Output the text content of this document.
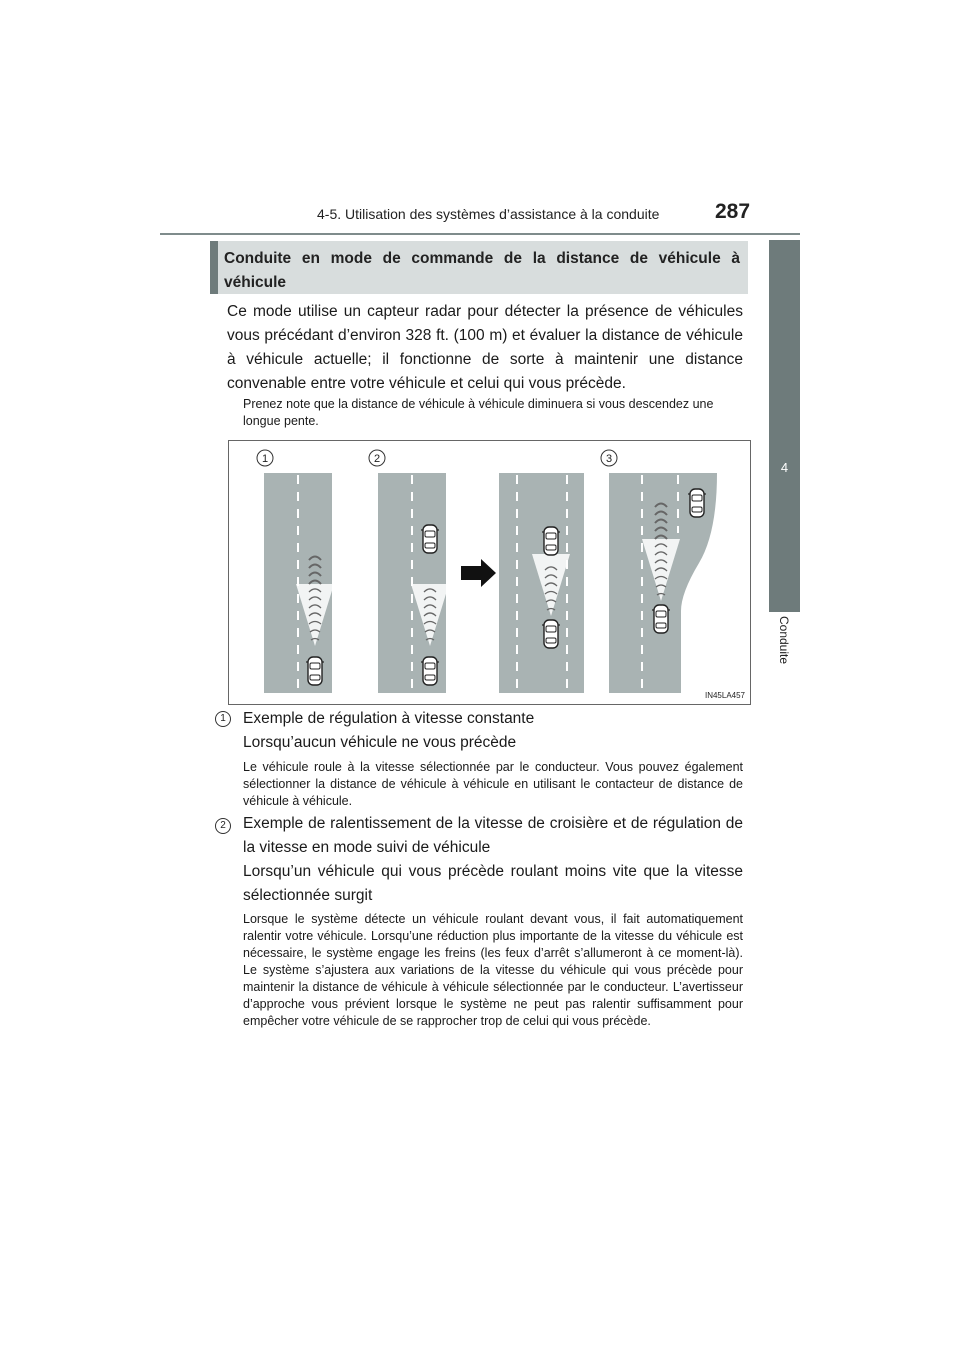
4-5. Utilisation des systèmes d’assistance à la conduite	287
4
Conduite
Conduite en mode de commande de la distance de véhicule à véhicule
Ce mode utilise un capteur radar pour détecter la présence de véhicules vous précédant d’environ 328 ft. (100 m) et évaluer la distance de véhicule à véhicule actuelle; il fonctionne de sorte à maintenir une distance convenable entre votre véhicule et celui qui vous précède.
Prenez note que la distance de véhicule à véhicule diminuera si vous descendez une longue pente.
1	2	3
IN45LA457
1	Exemple de régulation à vitesse constante
Lorsqu’aucun véhicule ne vous précède
Le véhicule roule à la vitesse sélectionnée par le conducteur. Vous pouvez également sélectionner la distance de véhicule à véhicule en utilisant le contacteur de distance de véhicule à véhicule.
2	Exemple de ralentissement de la vitesse de croisière et de régulation de la vitesse en mode suivi de véhicule
Lorsqu’un véhicule qui vous précède roulant moins vite que la vitesse sélectionnée surgit
Lorsque le système détecte un véhicule roulant devant vous, il fait automatiquement ralentir votre véhicule. Lorsqu’une réduction plus importante de la vitesse du véhicule est nécessaire, le système engage les freins (les feux d’arrêt s’allumeront à ce moment-là). Le système s’ajustera aux variations de la vitesse du véhicule qui vous précède pour maintenir la distance de véhicule à véhicule sélectionnée par le conducteur. L’avertisseur d’approche vous prévient lorsque le système ne peut pas ralentir suffisamment pour empêcher votre véhicule de se rapprocher trop de celui qui vous précède.
